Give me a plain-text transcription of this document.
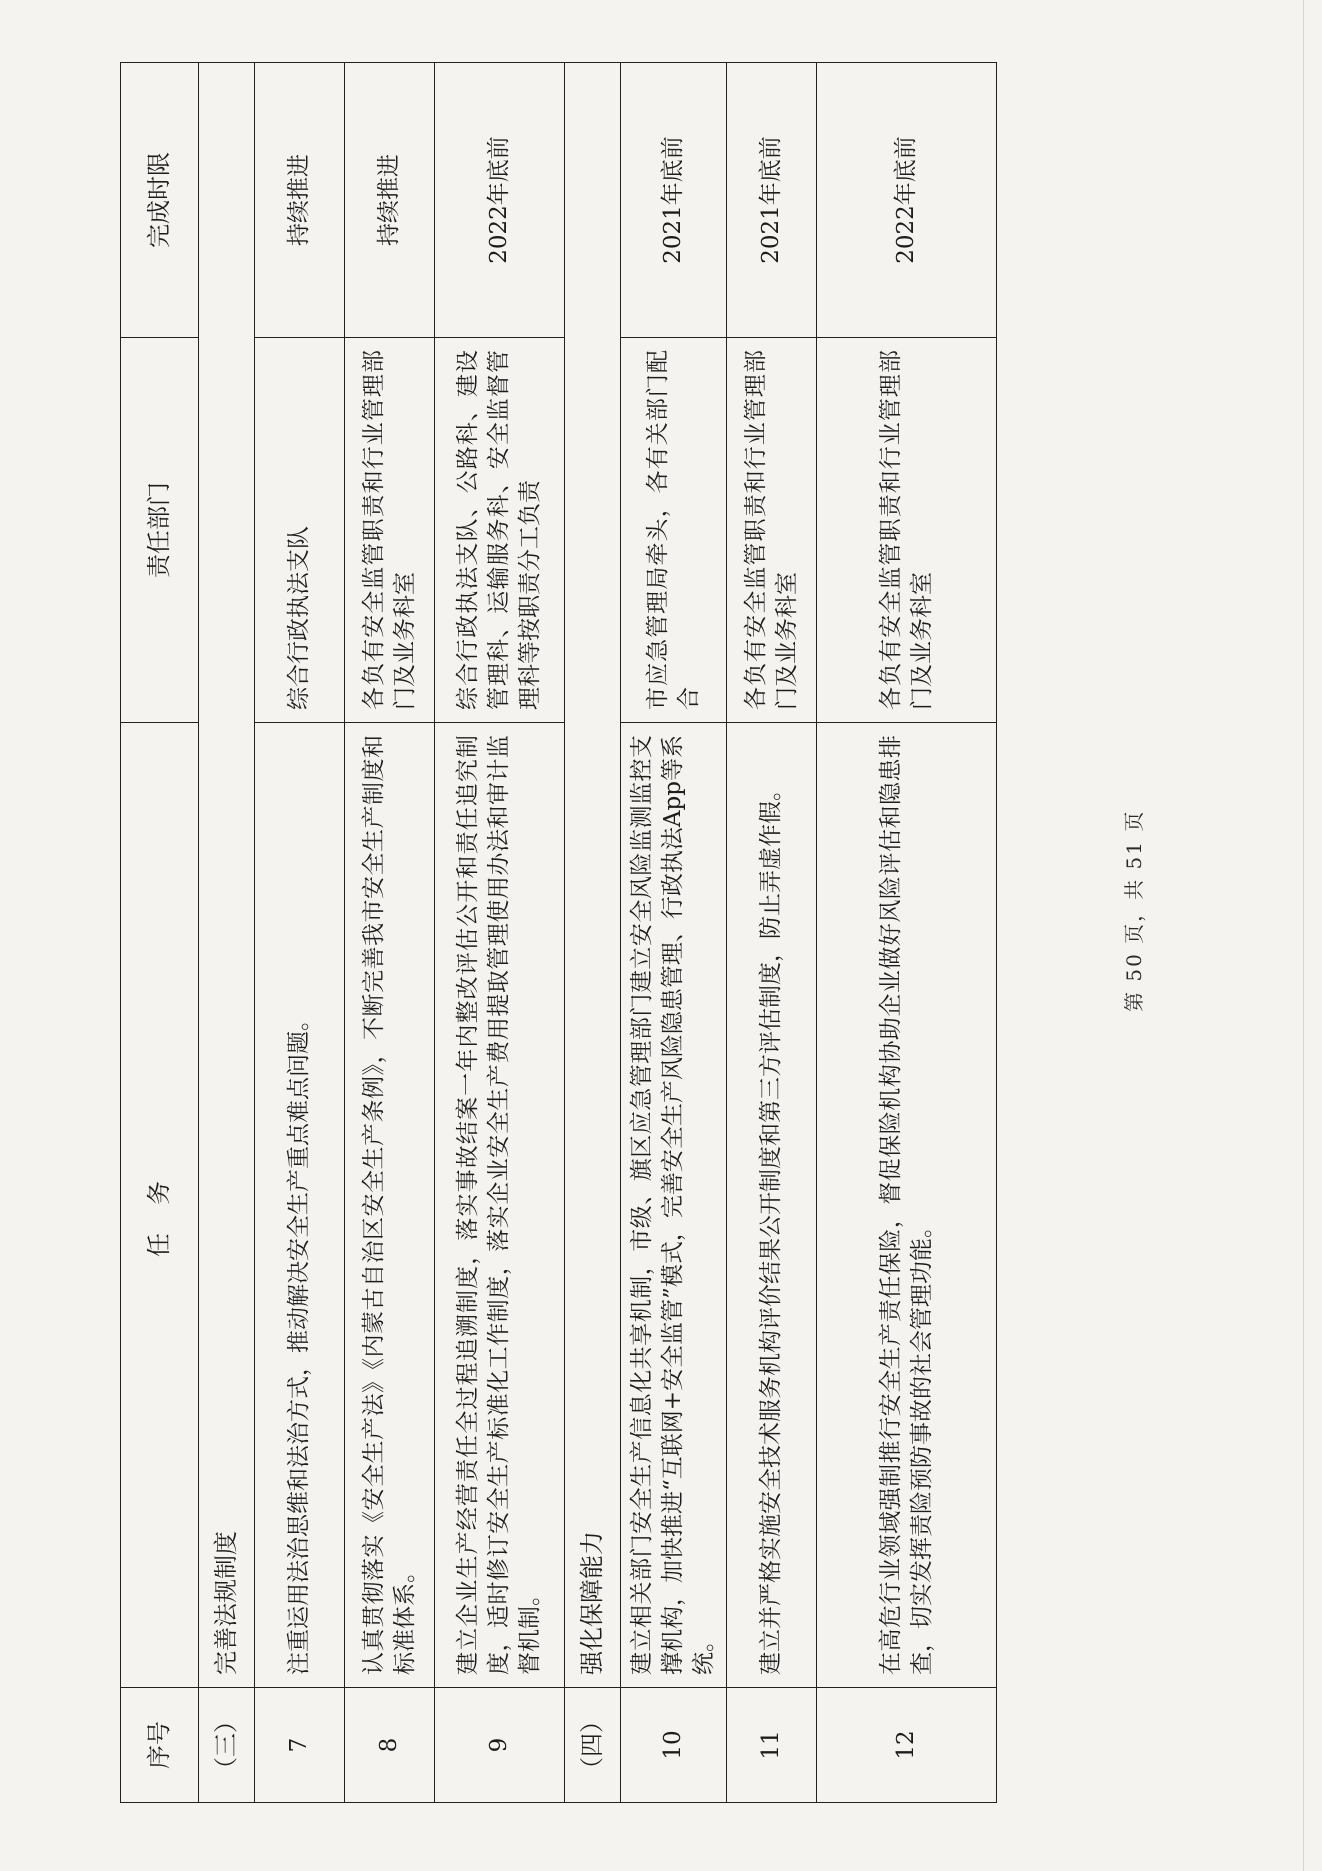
序号	任务	责任部门	完成时限
（三）	完善法规制度		
7	注重运用法治思维和法治方式，推动解决安全生产重点难点问题。	综合行政执法支队	持续推进
8	认真贯彻落实《安全生产法》《内蒙古自治区安全生产条例》，不断完善我市安全生产制度和标准体系。	各负有安全监管职责和行业管理部门及业务科室	持续推进
9	建立企业生产经营责任全过程追溯制度，落实事故结案一年内整改评估公开和责任追究制度，适时修订安全生产标准化工作制度，落实企业安全生产费用提取管理使用办法和审计监督机制。	综合行政执法支队、公路科、建设管理科、运输服务科、安全监督管理科等按职责分工负责	2022年底前
（四）	强化保障能力		
10	建立相关部门安全生产信息化共享机制，市级、旗区应急管理部门建立安全风险监测监控支撑机构，加快推进“互联网+安全监管”模式，完善安全生产风险隐患管理、行政执法App等系统。	市应急管理局牵头，各有关部门配合	2021年底前
11	建立并严格实施安全技术服务机构评价结果公开制度和第三方评估制度，防止弄虚作假。	各负有安全监管职责和行业管理部门及业务科室	2021年底前
12	在高危行业领域强制推行安全生产责任保险，督促保险机构协助企业做好风险评估和隐患排查，切实发挥责险预防事故的社会管理功能。	各负有安全监管职责和行业管理部门及业务科室	2022年底前
第 50 页，共 51 页
